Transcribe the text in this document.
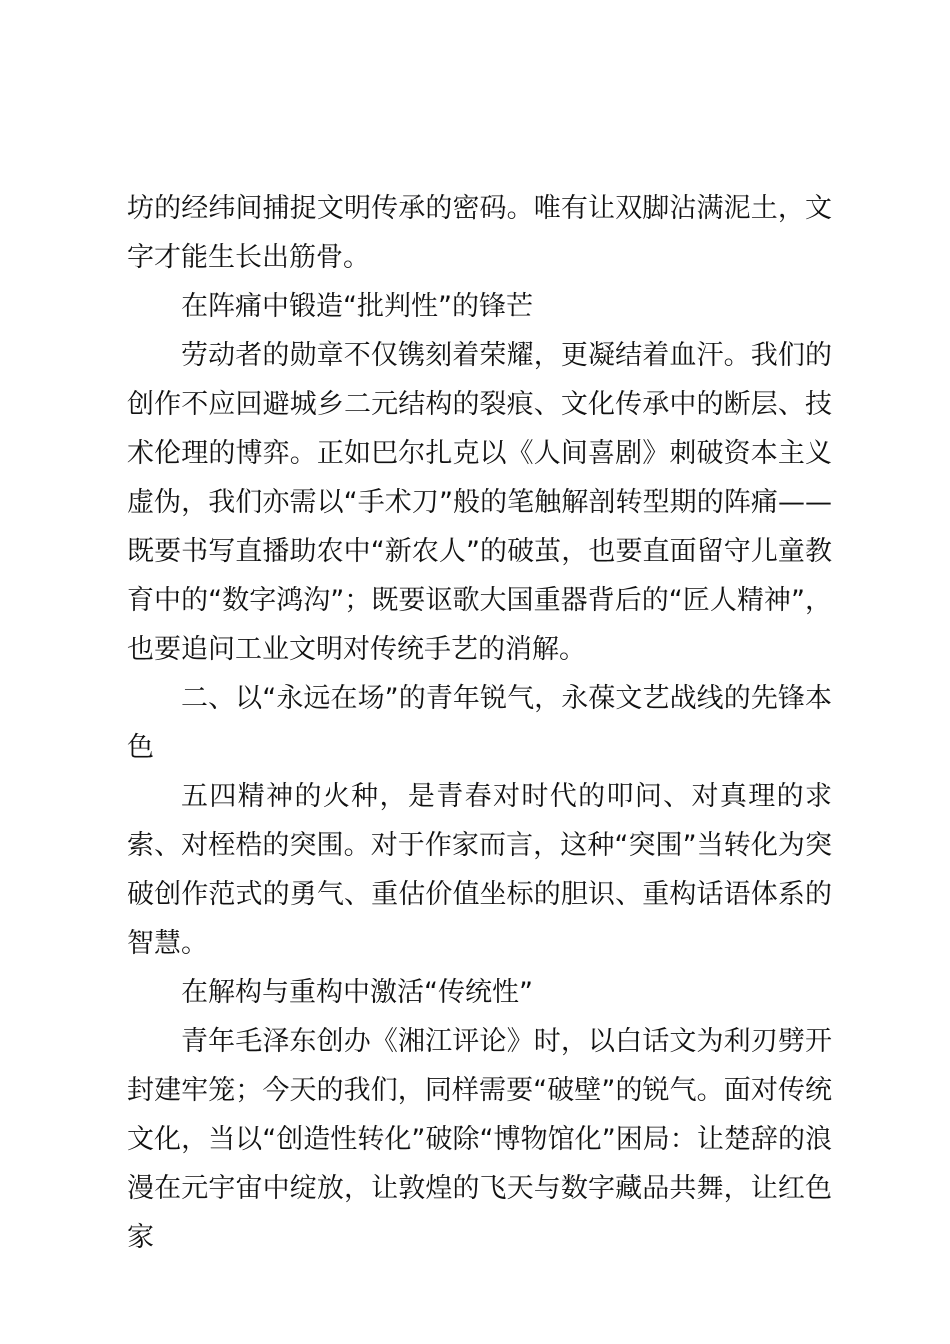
坊的经纬间捕捉文明传承的密码。唯有让双脚沾满泥土，文字才能生长出筋骨。

在阵痛中锻造“批判性”的锋芒

劳动者的勋章不仅镌刻着荣耀，更凝结着血汗。我们的创作不应回避城乡二元结构的裂痕、文化传承中的断层、技术伦理的博弈。正如巴尔扎克以《人间喜剧》刺破资本主义虚伪，我们亦需以“手术刀”般的笔触解剖转型期的阵痛——既要书写直播助农中“新农人”的破茧，也要直面留守儿童教育中的“数字鸿沟”；既要讴歌大国重器背后的“匠人精神”，也要追问工业文明对传统手艺的消解。

二、以“永远在场”的青年锐气，永葆文艺战线的先锋本色

五四精神的火种，是青春对时代的叩问、对真理的求索、对桎梏的突围。对于作家而言，这种“突围”当转化为突破创作范式的勇气、重估价值坐标的胆识、重构话语体系的智慧。

在解构与重构中激活“传统性”

青年毛泽东创办《湘江评论》时，以白话文为利刃劈开封建牢笼；今天的我们，同样需要“破壁”的锐气。面对传统文化，当以“创造性转化”破除“博物馆化”困局：让楚辞的浪漫在元宇宙中绽放，让敦煌的飞天与数字藏品共舞，让红色家
